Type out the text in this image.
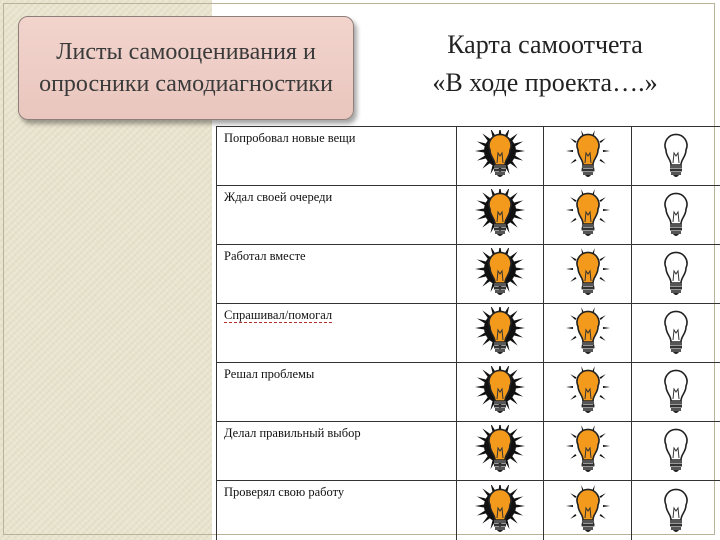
Листы самооценивания и опросники самодиагностики
Карта самоотчета
«В ходе проекта….»
Попробовал новые вещи
Ждал своей очереди
Работал вместе
Спрашивал/помогал
Решал проблемы
Делал правильный выбор
Проверял свою работу
